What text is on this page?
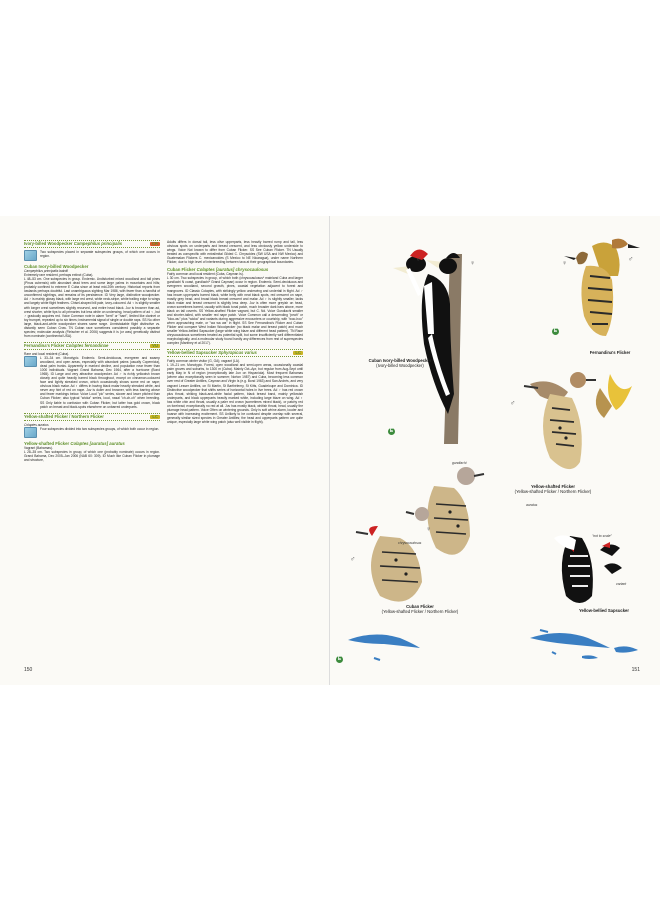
Ivory-billed Woodpecker Campephilus principalis	CR
Two subspecies placed in separate subspecies groups, of which one occurs in region.
Cuban Ivory-billed Woodpecker
Campephilus principalis bairdii
Extremely rare resident, perhaps extinct (Cuba).
L 48–53 cm. One subspecies in group. Endemic. Undisturbed mixed woodland and tall pines (Pinus cubensis) with abundant dead trees and some large palms in mountains and hills; probably confined to extreme E Cuba since at least mid-20th century. Historical reports from lowlands perhaps doubtful. Last unambiguous sighting Mar 1986, with fewer than a handful of unconfirmed sightings, and remains of its persistence. ID Very large, distinctive woodpecker. Ad ♂ is mainly glossy black, with large red crest, white neck-stripe, white trailing edge to wings and largely white flight feathers. Chisel-shaped bill pale, ivory-coloured. Ad ♀ is slightly smaller with longer crest sometimes slightly recurved, and entire head black. Juv is browner than ad, crest shorter, white tips to all primaries but less white on underwing, head pattern of ad ♀, but ♂ gradually acquires red. Voice Common note in alarm "kent" or "hant", limited like clarinet or toy trumpet, repeated up to six times; instrumental signal of single or double raps. SS No other large, black-and-white woodpecker shares same range. Unmistakable flight distinctive vs. distantly seen Cuban Crow. TN Cuban race sometimes considered possibly a separate species; molecular analysis (Fleischer et al. 2006) suggests it is (or was) genetically distinct from nominate (continental USA).
Fernandina's Flicker Colaptes fernandinae	VU
Rare and local resident (Cuba).
L 33–34 cm. Monotypic. Endemic. Semi-deciduous, evergreen and swamp woodland, and open areas, especially with abundant palms (usually Copernicia), dead palm trunks. Apparently in marked decline, and population near fewer than 1000 individuals. Vagrant Grand Bahama, Dec 1964, after a hurricane (Bond 1965). ID Large and very attractive woodpecker. Ad ♂ is richly yellowish brown closely and quite heavily barred black throughout, except on cinnamon-coloured face and lightly streaked crown, which occasionally shows some red on nape; obvious black malar. Ad ♀ differs in having black malar heavily streaked white, and never any hint of red on nape. Juv is duller and browner, with less barring above and fewer markings below. Voice Loud "pic" series, slower and lower pitched than Cuban Flicker; also typical "wicka" series, loud, nasal "ch-ch-ch" when breeding. SS Only liable to confusion with Cuban Flicker, but latter has gold crown, black patch on breast and black-spots elsewhere on unbarred underparts.
Yellow-shafted Flicker / Northern Flicker	LC
Colaptes auratus
Four subspecies divided into two subspecies groups, of which both occur in region.
Yellow-shafted Flicker Colaptes [auratus] auratus
Vagrant (Bahamas).
L 28–35 cm. Two subspecies in group, of which one (probably nominate) occurs in region. Grand Bahama, Dec 2005–Jan 2006 (NAB 60: 309). ID Much like Cuban Flicker in plumage and structure,
Adults differs in dorsal tail, less olive upperparts, less heavily barred rump and tail, less obvious spots on underparts and breast crescent, and less obviously yellow underside to wings. Voice Not known to differ from Cuban Flicker. SS See Cuban Flicker. TN Usually treated as conspecific with extralimital Gilded C. Chrysoides (SW USA and NW Mexico) and Guatemalan Flickers C. mexicanoides (S Mexico to NE Nicaragua), under name Northern Flicker, due to high level of interbreeding between taxa at their geographical boundaries.
Cuban Flicker Colaptes [auratus] chrysocaulosus
Fairly common and local resident (Cuba, Cayman Is).
L 30 cm. Two subspecies in group, of which both (chrysocaulosus* mainland Cuba and larger gundlachi N coast, gundlachi* Grand Cayman) occur in region. Endemic. Semi-deciduous and evergreen woodland, second growth, pines, coastal vegetation adjacent to forest and mangroves. ID Classic Colaptes, with strikingly yellow underwing and undertail in flight. Ad ♂ has brown upperparts barred black, white belly with neat black spots, red crescent on nape, mostly grey head, and broad black breast crescent and malar. Ad ♀ is slightly smaller, lacks black malar and breast crescent is slightly less deep. Juv is often more greyish on head, crown sometimes barred, usually with black tonal patch, much broader dark bars above, more black on tail coverts. SS Yellow-shafted Flicker vagrant, but C. Nd. Voice Gundlachi smaller and shorter-tailed, with smaller red nape patch. Voice Common call a descending "peah" or "kloo-wu" plus "wicka" and variants during aggressive encounters or courtship, with "woo-hoo" when approaching mate, or "wa wa wa" in flight. SS See Fernandina's Flicker and Cuban Flicker and compare West Indian Woodpecker (no black malar and breast patch) and much smaller Yellow-bellied Sapsucker (large white wing blaze and different head pattern). TN Race chrysocaulosus sometimes treated as potential split, but some insufficiently well differentiated morphologically, and a molecular study found hardly any differences from rest of superspecies complex (Manthey et al 2017).
Yellow-bellied Sapsucker Sphyrapicus varius	LC
Fairly common winter visitor (G, GA); vagrant (LA).
L 19–21 cm. Monotypic. Forest, open woodland and semi-open areas, occasionally coastal palm groves and suburbs, to 1300 m (Cuba). Mainly Oct–Apr, but regular from Aug-Sept until early May in N of region (exceptionally late Jun on Hispaniola). Most frequent Bahamas (where also exceptionally seen in summer; Norton 1987) and Cuba, becoming less common over rest of Greater Antilles, Cayman and Virgin Is (e.g. Bond 1963) and San Andrés, and very vagrant Lesser Antilles, on St Martin, St Barthélemy, St Kitts, Guadeloupe and Dominica. ID Distinctive woodpecker that shifts series of horizontal holes in live trees. Ad ♂ has red crown plus throat, striking black-and-white facial pattern, black breast band, mainly yellowish underparts, and black upperparts heavily marked white, including large blaze on wing. Ad ♀ has white chin and throat, usually a paler red crown (sometimes mixed black), or patchy red on forehead; exceptionally no red at all. Juv has mostly black, whitish throat, head, usually the plumage head pattern. Voice Often on wintering grounds. Only is soft whine alarm, louder and hoarse with increasing excitement. SS Unlikely to be confused despite overlap with several, generally similar sized species in Greater Antilles; the head and upperparts pattern are quite unique, especially large white wing patch (also well visible in flight).
150
Cuban Ivory-billed Woodpecker
(Ivory-billed Woodpecker)
♂
♀
E
Fernandina's Flicker
♂
♀
E
Yellow-shafted Flicker
(Yellow-shafted Flicker / Northern Flicker)
auratus
♂
gundlachi
chrysocaulosus
Cuban Flicker
(Yellow-shafted Flicker / Northern Flicker)
♂
♀
E
variant
"not to scale"
Yellow-bellied Sapsucker
151
